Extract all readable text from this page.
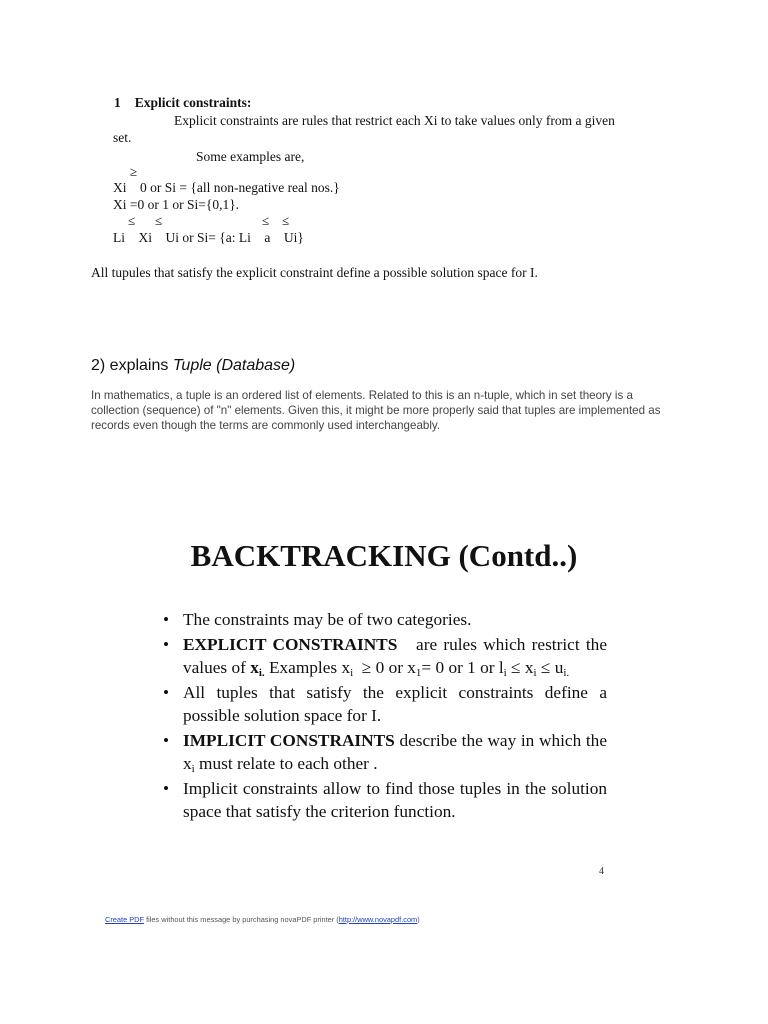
1 Explicit constraints:
Explicit constraints are rules that restrict each Xi to take values only from a given
set.
Some examples are,
≥
Xi    0 or Si = {all non-negative real nos.}
Xi =0 or 1 or Si={0,1}.
≤ ≤	≤ ≤
Li    Xi    Ui or Si= {a: Li    a    Ui}
All tupules that satisfy the explicit constraint define a possible solution space for I.
2) explains Tuple (Database)
In mathematics, a tuple is an ordered list of elements. Related to this is an n-tuple, which in set theory is a collection (sequence) of "n" elements. Given this, it might be more properly said that tuples are implemented as records even though the terms are commonly used interchangeably.
BACKTRACKING (Contd..)
• The constraints may be of two categories.
• EXPLICIT CONSTRAINTS are rules which restrict the values of $x_{i.}$ Examples $x_i \ge 0$ or $x_1= 0$ or 1 or $l_i \le x_i \le u_{i.}$
• All tuples that satisfy the explicit constraints define a possible solution space for I.
• IMPLICIT CONSTRAINTS describe the way in which the $x_i$ must relate to each other .
• Implicit constraints allow to find those tuples in the solution space that satisfy the criterion function.
4
Create PDF files without this message by purchasing novaPDF printer (http://www.novapdf.com)
